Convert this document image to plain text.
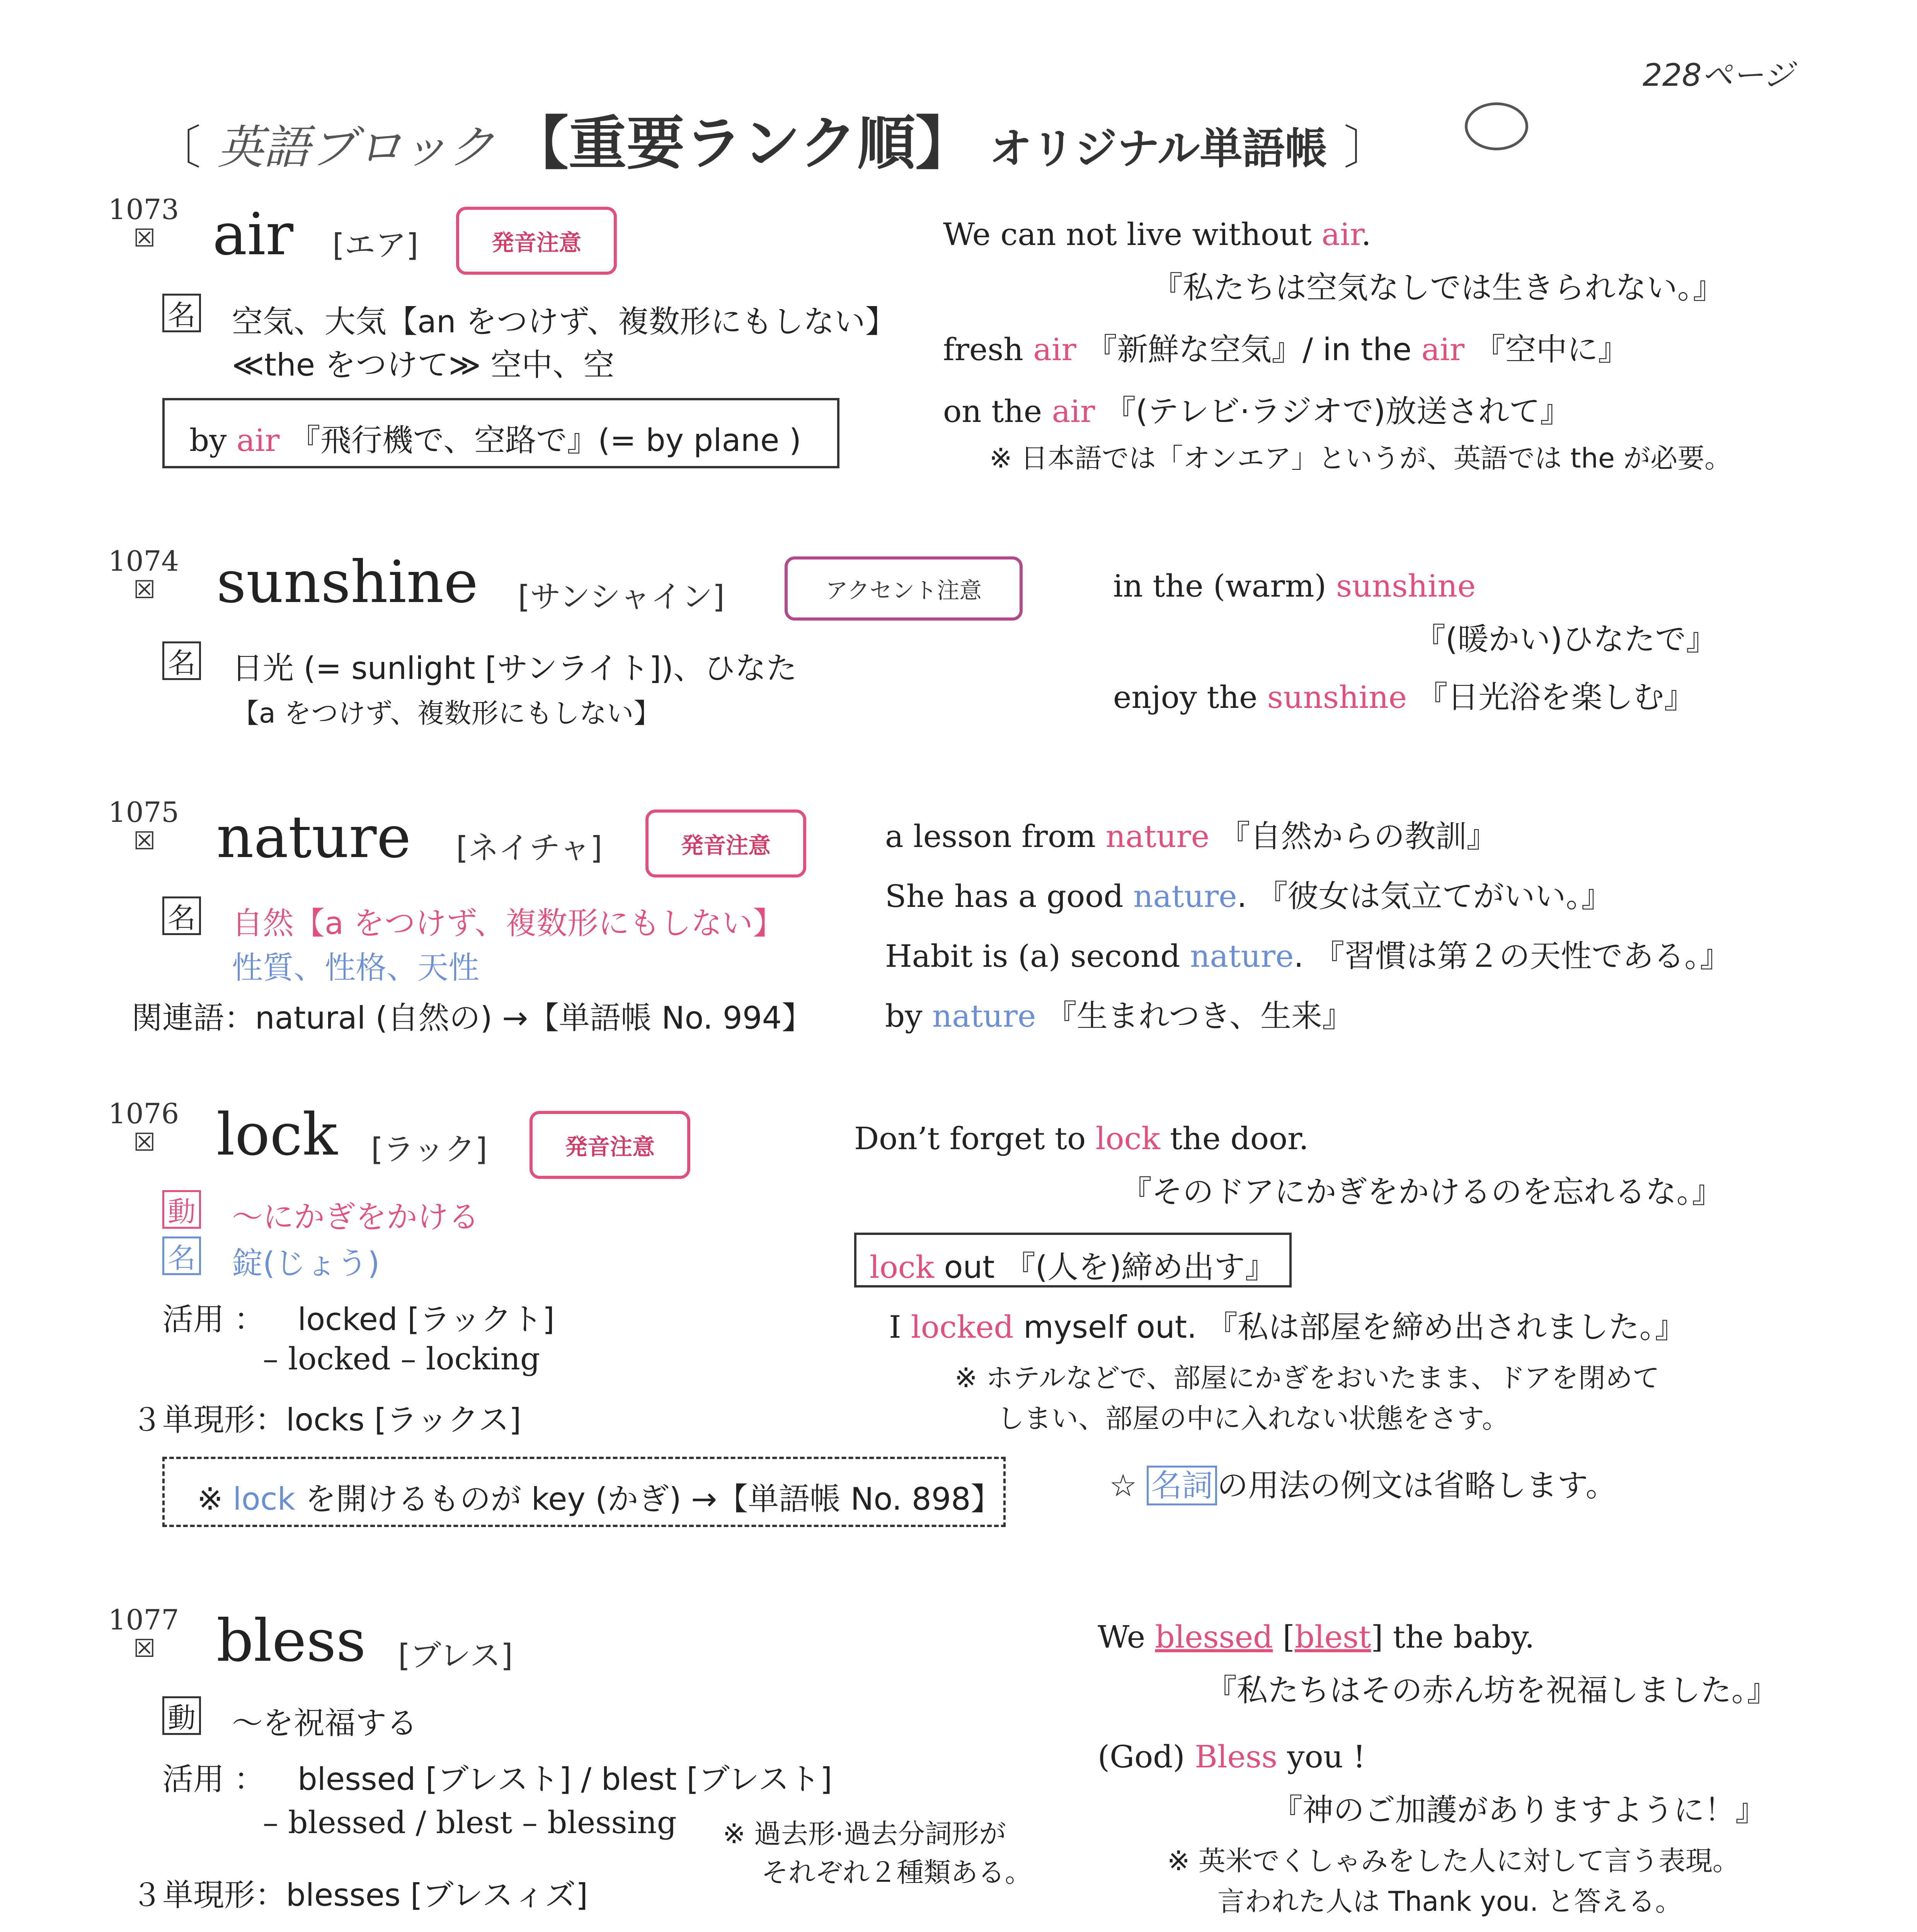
228ページ
〔 英語ブロック 【重要ランク順】 オリジナル単語帳 〕
1073
☒ air [エア]	発音注意
名 空気、大気【an をつけず、複数形にもしない】
≪the をつけて≫ 空中、空
by air 『飛行機で、空路で』(= by plane )
We can not live without air.
『私たちは空気なしでは生きられない。』
fresh air 『新鮮な空気』/ in the air 『空中に』
on the air 『(テレビ·ラジオで)放送されて』
※ 日本語では「オンエア」というが、英語では the が必要。
1074
☒ sunshine [サンシャイン]	アクセント注意
名 日光 (= sunlight [サンライト])、ひなた
【a をつけず、複数形にもしない】
in the (warm) sunshine
『(暖かい)ひなたで』
enjoy the sunshine 『日光浴を楽しむ』
1075
☒ nature [ネイチャ]	発音注意
名 自然【a をつけず、複数形にもしない】
性質、性格、天性
関連語：natural (自然の) →【単語帳 No. 994】
a lesson from nature 『自然からの教訓』
She has a good nature. 『彼女は気立てがいい。』
Habit is (a) second nature. 『習慣は第２の天性である。』
by nature 『生まれつき、生来』
1076
☒ lock [ラック]	発音注意
動 ～にかぎをかける
名 錠(じょう)
活用 ： locked [ラックト]
– locked – locking
３単現形：locks [ラックス]
※ lock を開けるものが key (かぎ) →【単語帳 No. 898】
Don’t forget to lock the door.
『そのドアにかぎをかけるのを忘れるな。』
lock out 『(人を)締め出す』
I locked myself out. 『私は部屋を締め出されました。』
※ ホテルなどで、部屋にかぎをおいたまま、ドアを閉めて
しまい、部屋の中に入れない状態をさす。
☆ 名詞 の用法の例文は省略します。
1077
☒ bless [ブレス]
動 ～を祝福する
活用 ： blessed [ブレスト] / blest [ブレスト]
– blessed / blest – blessing ※ 過去形·過去分詞形が
それぞれ２種類ある。
３単現形：blesses [ブレスィズ]
We blessed [blest] the baby.
『私たちはその赤ん坊を祝福しました。』
(God) Bless you !
『神のご加護がありますように！』
※ 英米でくしゃみをした人に対して言う表現。
言われた人は Thank you. と答える。
